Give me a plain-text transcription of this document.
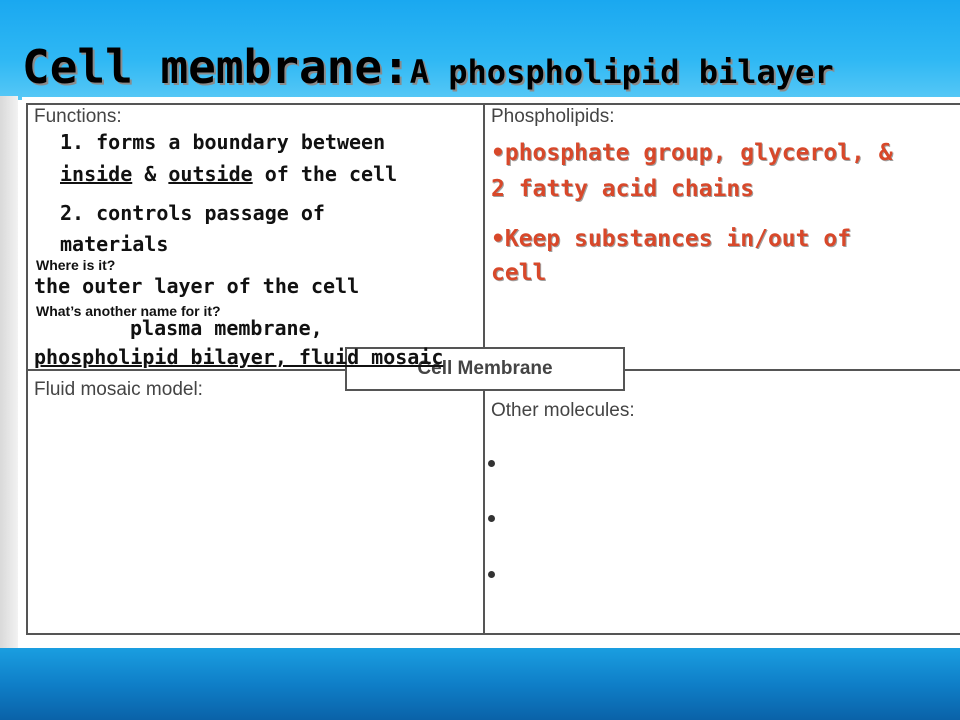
Cell membrane:A phospholipid bilayer
Functions:	Phospholipids:
Fluid mosaic model:
Other molecules:
1. forms a boundary between
inside & outside of the cell
2. controls passage of
materials
Where is it?
the outer layer of the cell
What’s another name for it?
Cell Membrane
plasma membrane,
phospholipid bilayer, fluid mosaic
•phosphate group, glycerol, &
2 fatty acid chains
•Keep substances in/out of
cell
